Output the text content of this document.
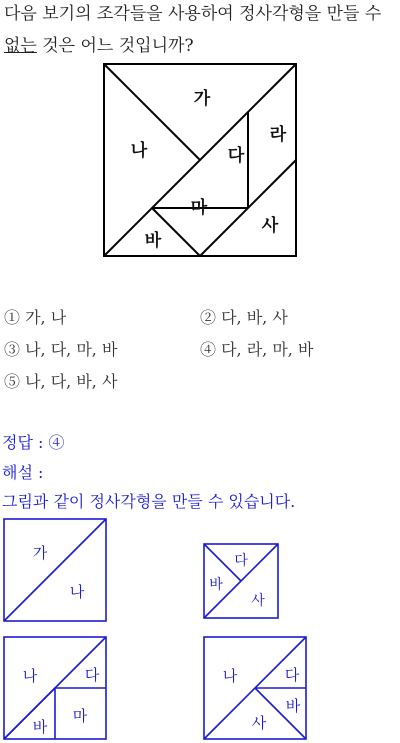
다음 보기의 조각들을 사용하여 정사각형을 만들 수
없는 것은 어느 것입니까?
가
나	다
라
마
바
사
① 가, 나	② 다, 바, 사
③ 나, 다, 마, 바	④ 다, 라, 마, 바
⑤ 나, 다, 바, 사
정답 : ④
해설 :
그림과 같이 정사각형을 만들 수 있습니다.
가
나
다
바
사
나	다
바
마
나	다
사
바
